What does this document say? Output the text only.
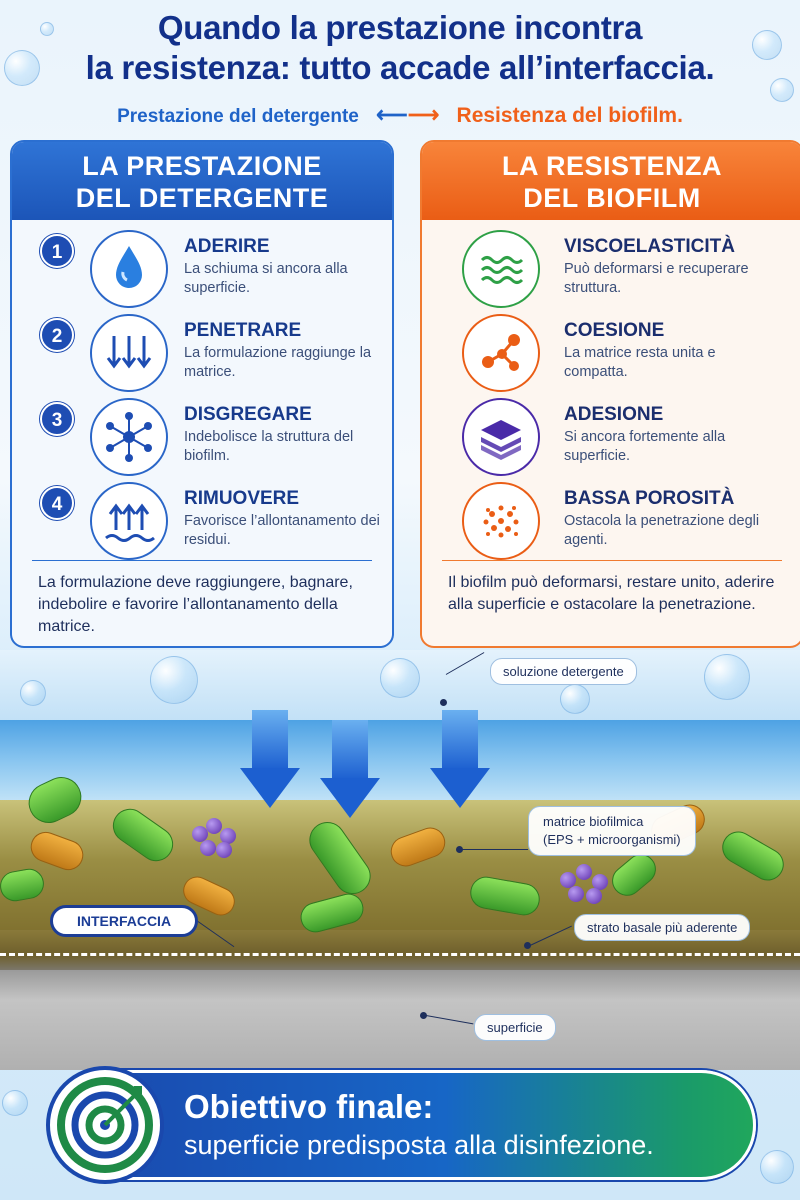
Quando la prestazione incontra
la resistenza: tutto accade all’interfaccia.
Prestazione del detergente ⟵⟶ Resistenza del biofilm.
LA PRESTAZIONE
DEL DETERGENTE
1	ADERIRE
La schiuma si ancora alla superficie.
2	PENETRARE
La formulazione raggiunge la matrice.
3	DISGREGARE
Indebolisce la struttura del biofilm.
4	RIMUOVERE
Favorisce l’allontanamento dei residui.
La formulazione deve raggiungere, bagnare, indebolire e favorire l’allontanamento della matrice.
LA RESISTENZA
DEL BIOFILM
VISCOELASTICITÀ
Può deformarsi e recuperare struttura.
COESIONE
La matrice resta unita e compatta.
ADESIONE
Si ancora fortemente alla superficie.
BASSA POROSITÀ
Ostacola la penetrazione degli agenti.
Il biofilm può deformarsi, restare unito, aderire alla superficie e ostacolare la penetrazione.
soluzione detergente
matrice biofilmica
(EPS + microorganismi)
strato basale più aderente
superficie
INTERFACCIA
Obiettivo finale:
superficie predisposta alla disinfezione.
